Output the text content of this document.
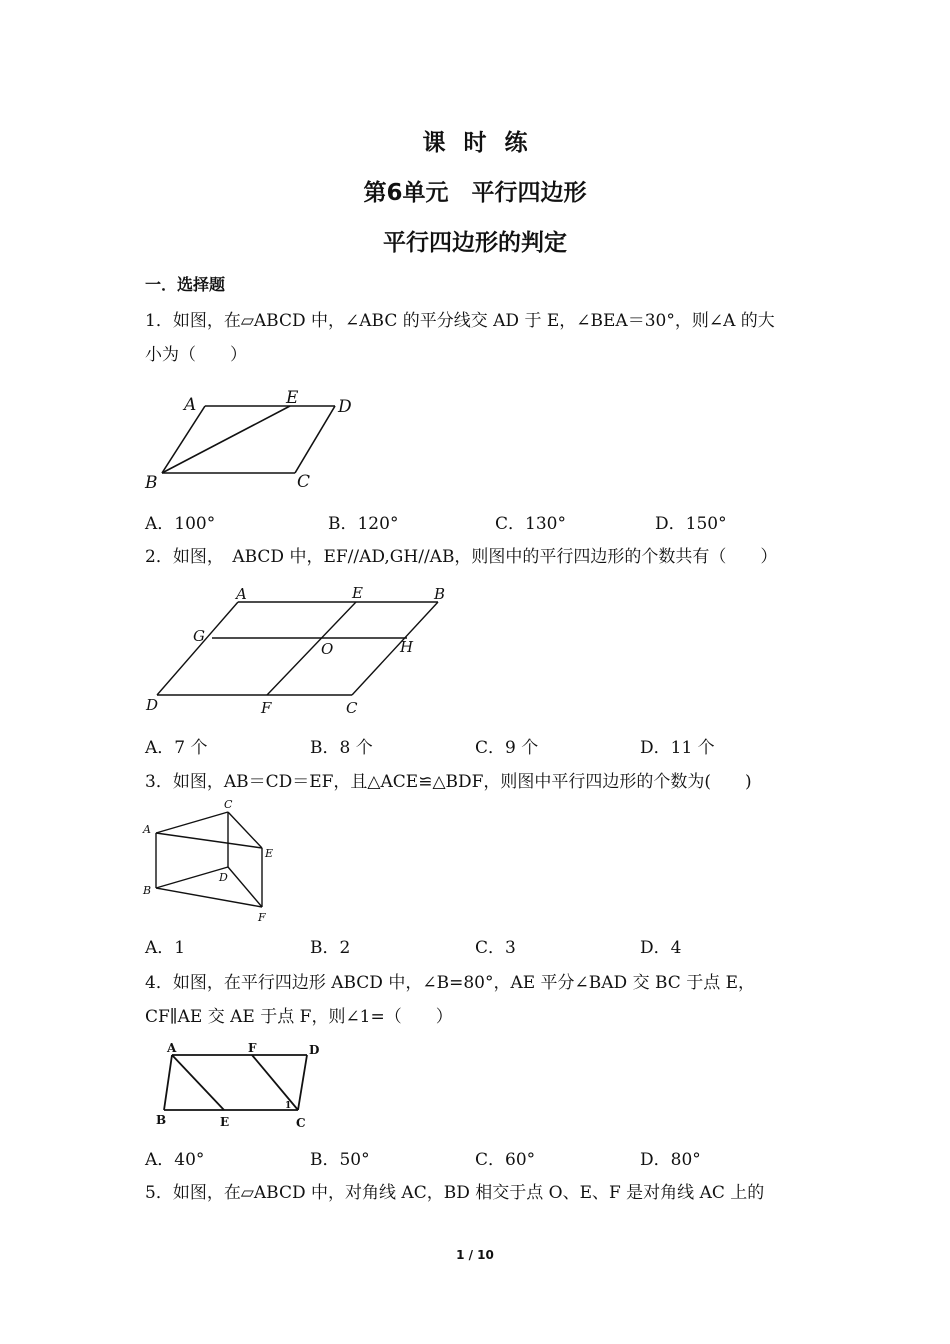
课时练
第6单元　平行四边形
平行四边形的判定
一．选择题
1．如图，在▱ABCD 中，∠ABC 的平分线交 AD 于 E，∠BEA＝30°，则∠A 的大
小为（　　）
A	E D
B	C
A．100°	B．120°	C．130°	D．150°
2．如图，　ABCD 中，EF//AD,GH//AB，则图中的平行四边形的个数共有（　　）
A	E	B
G
O	H
D	F	C
A．7 个	B．8 个	C．9 个	D．11 个
3．如图，AB＝CD＝EF，且△ACE≌△BDF，则图中平行四边形的个数为(　　)
A
C
E
B
D
F
A．1	B．2	C．3	D．4
4．如图，在平行四边形 ABCD 中，∠B=80°，AE 平分∠BAD 交 BC 于点 E，
CF∥AE 交 AE 于点 F，则∠1=（　　）
A	F	D
B	E	C
1
A．40°	B．50°	C．60°	D．80°
5．如图，在▱ABCD 中，对角线 AC，BD 相交于点 O、E、F 是对角线 AC 上的
1 / 10
